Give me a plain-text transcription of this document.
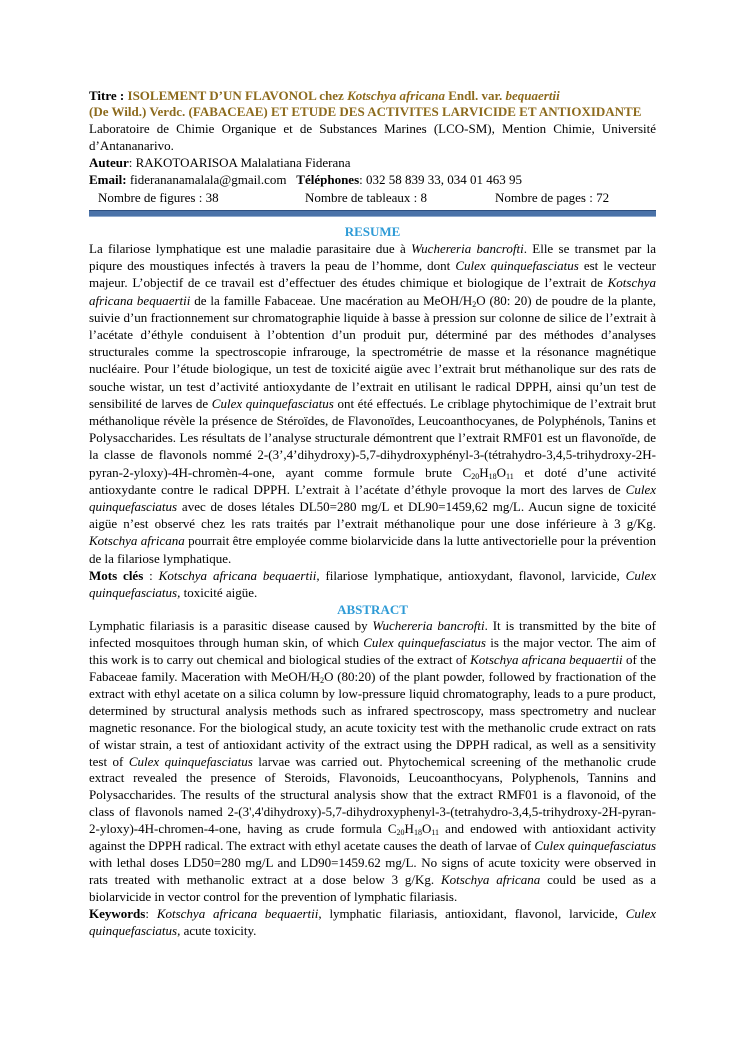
Titre : ISOLEMENT D’UN FLAVONOL chez Kotschya africana Endl. var. bequaertii
(De Wild.) Verdc. (FABACEAE) ET ETUDE DES ACTIVITES LARVICIDE ET ANTIOXIDANTE
Laboratoire de Chimie Organique et de Substances Marines (LCO-SM), Mention Chimie, Université d’Antananarivo.
Auteur: RAKOTOARISOA Malalatiana Fiderana
Email: fiderananamalala@gmail.com Téléphones: 032 58 839 33, 034 01 463 95
Nombre de figures : 38	Nombre de tableaux : 8	Nombre de pages : 72
RESUME

La filariose lymphatique est une maladie parasitaire due à Wuchereria bancrofti. Elle se transmet par la piqure des moustiques infectés à travers la peau de l’homme, dont Culex quinquefasciatus est le vecteur majeur. L’objectif de ce travail est d’effectuer des études chimique et biologique de l’extrait de Kotschya africana bequaertii de la famille Fabaceae. Une macération au MeOH/$H_2O$ (80: 20) de poudre de la plante, suivie d’un fractionnement sur chromatographie liquide à basse à pression sur colonne de silice de l’extrait à l’acétate d’éthyle conduisent à l’obtention d’un produit pur, déterminé par des méthodes d’analyses structurales comme la spectroscopie infrarouge, la spectrométrie de masse et la résonance magnétique nucléaire. Pour l’étude biologique, un test de toxicité aigüe avec l’extrait brut méthanolique sur des rats de souche wistar, un test d’activité antioxydante de l’extrait en utilisant le radical DPPH, ainsi qu’un test de sensibilité de larves de Culex quinquefasciatus ont été effectués. Le criblage phytochimique de l’extrait brut méthanolique révèle la présence de Stéroïdes, de Flavonoïdes, Leucoanthocyanes, de Polyphénols, Tanins et Polysaccharides. Les résultats de l’analyse structurale démontrent que l’extrait RMF01 est un flavonoïde, de la classe de flavonols nommé 2-(3’,4’dihydroxy)-5,7-dihydroxyphényl-3-(tétrahydro-3,4,5-trihydroxy-2H-pyran-2-yloxy)-4H-chromèn-4-one, ayant comme formule brute $C_{20}H_{18}O_{11}$ et doté d’une activité antioxydante contre le radical DPPH. L’extrait à l’acétate d’éthyle provoque la mort des larves de Culex quinquefasciatus avec de doses létales DL50=280 mg/L et DL90=1459,62 mg/L. Aucun signe de toxicité aigüe n’est observé chez les rats traités par l’extrait méthanolique pour une dose inférieure à 3 g/Kg. Kotschya africana pourrait être employée comme biolarvicide dans la lutte antivectorielle pour la prévention de la filariose lymphatique.

Mots clés : Kotschya africana bequaertii, filariose lymphatique, antioxydant, flavonol, larvicide, Culex quinquefasciatus, toxicité aigüe.

ABSTRACT

Lymphatic filariasis is a parasitic disease caused by Wuchereria bancrofti. It is transmitted by the bite of infected mosquitoes through human skin, of which Culex quinquefasciatus is the major vector. The aim of this work is to carry out chemical and biological studies of the extract of Kotschya africana bequaertii of the Fabaceae family. Maceration with MeOH/$H_2O$ (80:20) of the plant powder, followed by fractionation of the extract with ethyl acetate on a silica column by low-pressure liquid chromatography, leads to a pure product, determined by structural analysis methods such as infrared spectroscopy, mass spectrometry and nuclear magnetic resonance. For the biological study, an acute toxicity test with the methanolic crude extract on rats of wistar strain, a test of antioxidant activity of the extract using the DPPH radical, as well as a sensitivity test of Culex quinquefasciatus larvae was carried out. Phytochemical screening of the methanolic crude extract revealed the presence of Steroids, Flavonoids, Leucoanthocyans, Polyphenols, Tannins and Polysaccharides. The results of the structural analysis show that the extract RMF01 is a flavonoid, of the class of flavonols named 2-(3',4'dihydroxy)-5,7-dihydroxyphenyl-3-(tetrahydro-3,4,5-trihydroxy-2H-pyran-2-yloxy)-4H-chromen-4-one, having as crude formula $C_{20}H_{18}O_{11}$ and endowed with antioxidant activity against the DPPH radical. The extract with ethyl acetate causes the death of larvae of Culex quinquefasciatus with lethal doses LD50=280 mg/L and LD90=1459.62 mg/L. No signs of acute toxicity were observed in rats treated with methanolic extract at a dose below 3 g/Kg. Kotschya africana could be used as a biolarvicide in vector control for the prevention of lymphatic filariasis.

Keywords: Kotschya africana bequaertii, lymphatic filariasis, antioxidant, flavonol, larvicide, Culex quinquefasciatus, acute toxicity.
